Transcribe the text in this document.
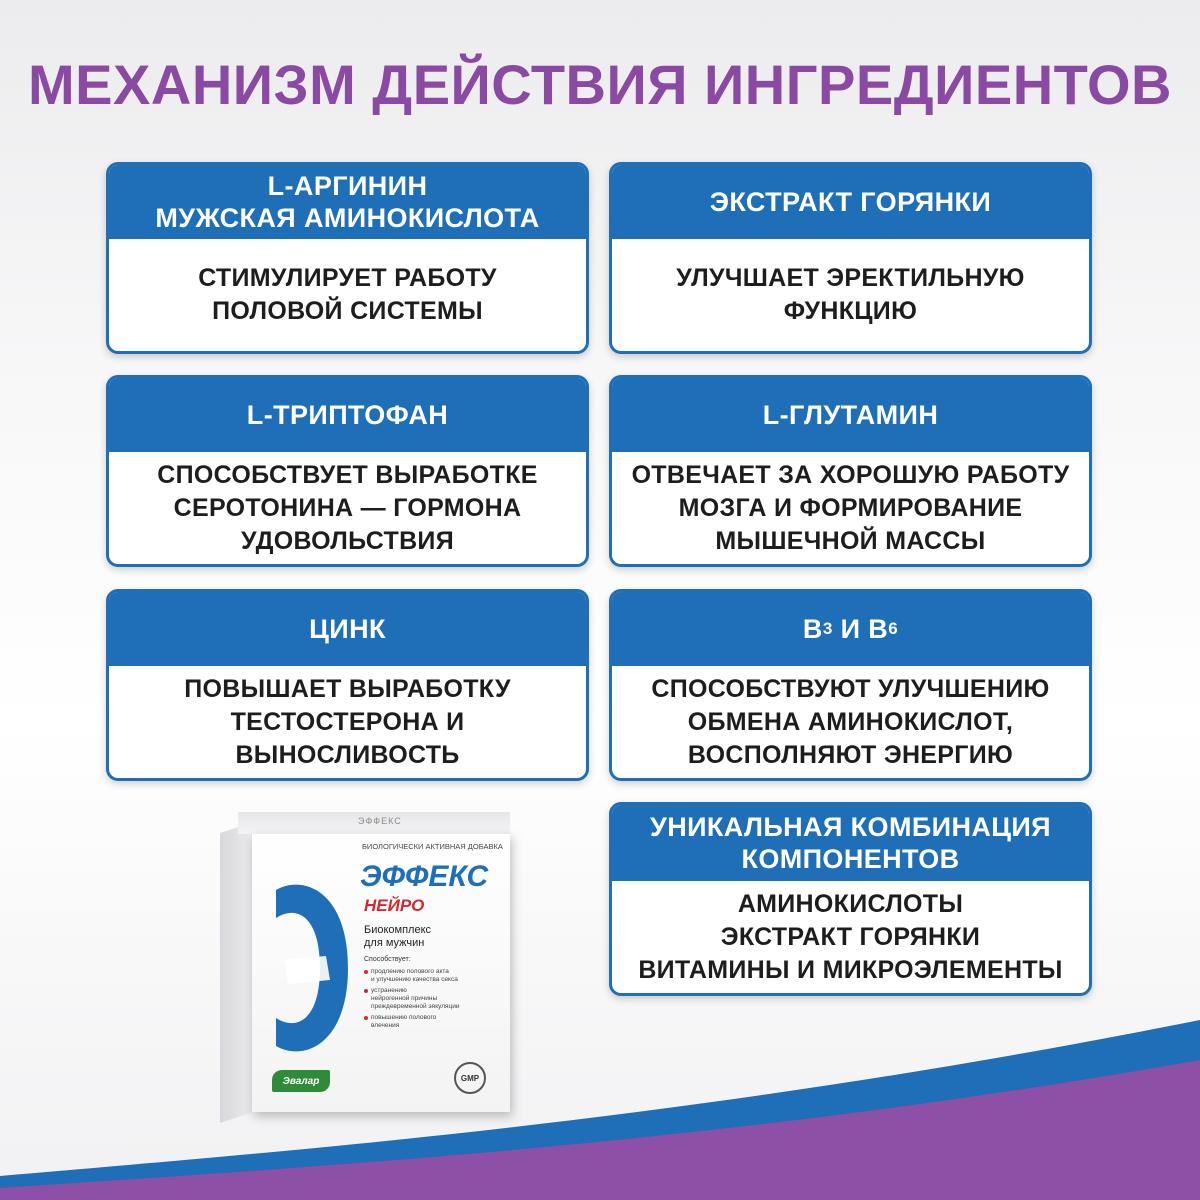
МЕХАНИЗМ ДЕЙСТВИЯ ИНГРЕДИЕНТОВ
L-АРГИНИН
МУЖСКАЯ АМИНОКИСЛОТА
СТИМУЛИРУЕТ РАБОТУ
ПОЛОВОЙ СИСТЕМЫ
ЭКСТРАКТ ГОРЯНКИ
УЛУЧШАЕТ ЭРЕКТИЛЬНУЮ
ФУНКЦИЮ
L-ТРИПТОФАН
СПОСОБСТВУЕТ ВЫРАБОТКЕ
СЕРОТОНИНА — ГОРМОНА
УДОВОЛЬСТВИЯ
L-ГЛУТАМИН
ОТВЕЧАЕТ ЗА ХОРОШУЮ РАБОТУ
МОЗГА И ФОРМИРОВАНИЕ
МЫШЕЧНОЙ МАССЫ
ЦИНК
ПОВЫШАЕТ ВЫРАБОТКУ
ТЕСТОСТЕРОНА И
ВЫНОСЛИВОСТЬ
B 3 И B 6
СПОСОБСТВУЮТ УЛУЧШЕНИЮ
ОБМЕНА АМИНОКИСЛОТ,
ВОСПОЛНЯЮТ ЭНЕРГИЮ
УНИКАЛЬНАЯ КОМБИНАЦИЯ
КОМПОНЕНТОВ
АМИНОКИСЛОТЫ
ЭКСТРАКТ ГОРЯНКИ
ВИТАМИНЫ И МИКРОЭЛЕМЕНТЫ
ЭФФЕКС
БИОЛОГИЧЕСКИ АКТИВНАЯ ДОБАВКА
ЭФФЕКС
НЕЙРО
Биокомплекс
для мужчин
Способствует:
продлению полового акта
и улучшению качества секса
устранению
нейрогенной причины
преждевременной эякуляции
повышению полового
влечения
Эвалар	GMP
